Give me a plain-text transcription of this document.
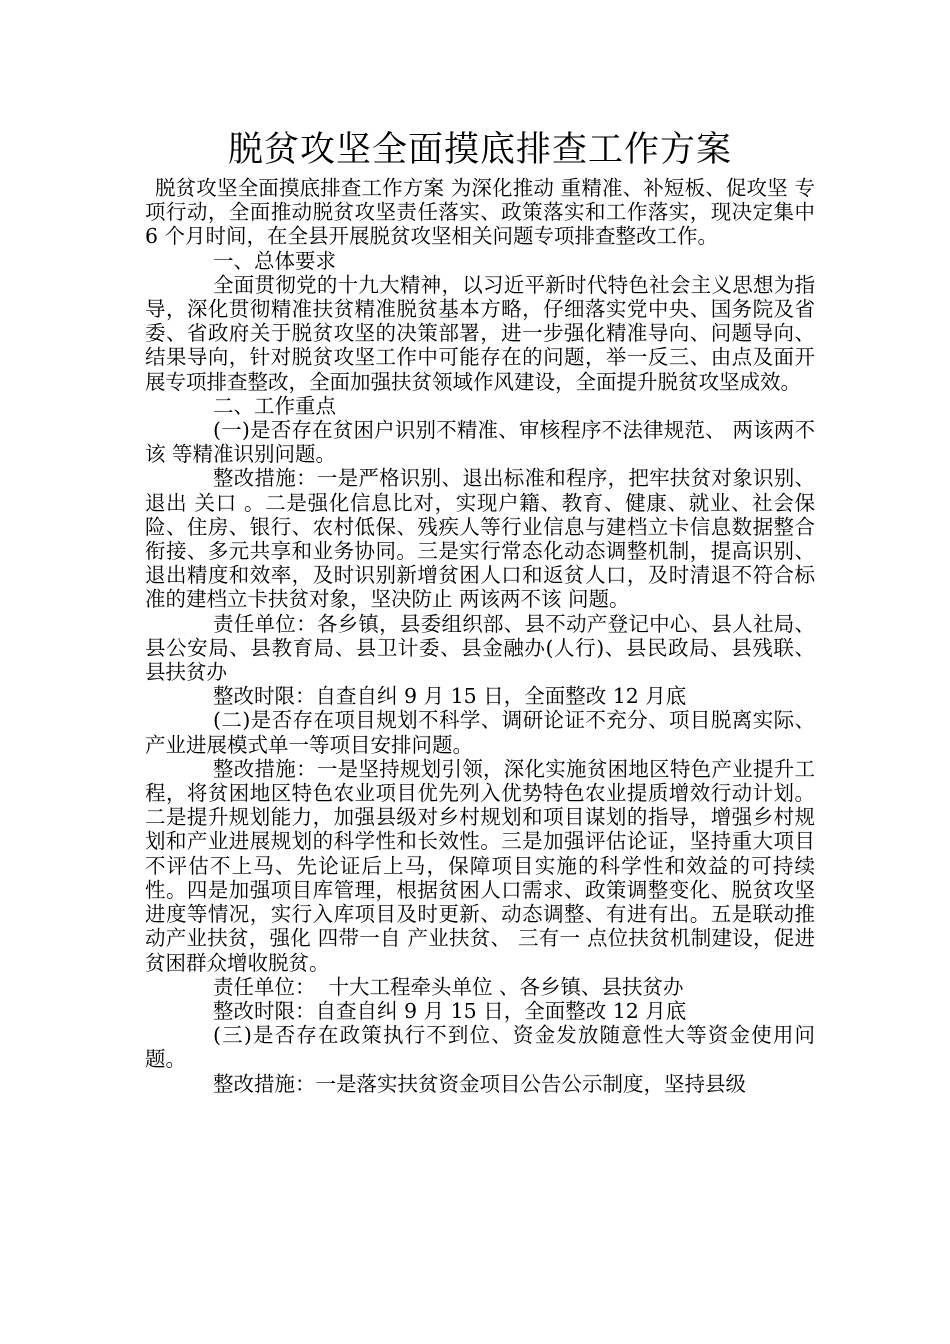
脱贫攻坚全面摸底排查工作方案

脱贫攻坚全面摸底排查工作方案 为深化推动 重精准、补短板、促攻坚 专项行动，全面推动脱贫攻坚责任落实、政策落实和工作落实，现决定集中 6 个月时间，在全县开展脱贫攻坚相关问题专项排查整改工作。

一、总体要求

全面贯彻党的十九大精神，以习近平新时代特色社会主义思想为指导，深化贯彻精准扶贫精准脱贫基本方略，仔细落实党中央、国务院及省委、省政府关于脱贫攻坚的决策部署，进一步强化精准导向、问题导向、结果导向，针对脱贫攻坚工作中可能存在的问题，举一反三、由点及面开展专项排查整改，全面加强扶贫领域作风建设，全面提升脱贫攻坚成效。

二、工作重点

(一)是否存在贫困户识别不精准、审核程序不法律规范、 两该两不该 等精准识别问题。

整改措施：一是严格识别、退出标准和程序，把牢扶贫对象识别、退出 关口 。二是强化信息比对，实现户籍、教育、健康、就业、社会保险、住房、银行、农村低保、残疾人等行业信息与建档立卡信息数据整合衔接、多元共享和业务协同。三是实行常态化动态调整机制，提高识别、退出精度和效率，及时识别新增贫困人口和返贫人口，及时清退不符合标准的建档立卡扶贫对象，坚决防止 两该两不该 问题。

责任单位：各乡镇，县委组织部、县不动产登记中心、县人社局、县公安局、县教育局、县卫计委、县金融办(人行)、县民政局、县残联、县扶贫办

整改时限：自查自纠 9 月 15 日，全面整改 12 月底

(二)是否存在项目规划不科学、调研论证不充分、项目脱离实际、产业进展模式单一等项目安排问题。

整改措施：一是坚持规划引领，深化实施贫困地区特色产业提升工程，将贫困地区特色农业项目优先列入优势特色农业提质增效行动计划。二是提升规划能力，加强县级对乡村规划和项目谋划的指导，增强乡村规划和产业进展规划的科学性和长效性。三是加强评估论证，坚持重大项目不评估不上马、先论证后上马，保障项目实施的科学性和效益的可持续性。四是加强项目库管理，根据贫困人口需求、政策调整变化、脱贫攻坚进度等情况，实行入库项目及时更新、动态调整、有进有出。五是联动推动产业扶贫，强化 四带一自 产业扶贫、 三有一 点位扶贫机制建设，促进贫困群众增收脱贫。

责任单位：  十大工程牵头单位 、各乡镇、县扶贫办

整改时限：自查自纠 9 月 15 日，全面整改 12 月底

(三)是否存在政策执行不到位、资金发放随意性大等资金使用问题。

整改措施：一是落实扶贫资金项目公告公示制度，坚持县级
